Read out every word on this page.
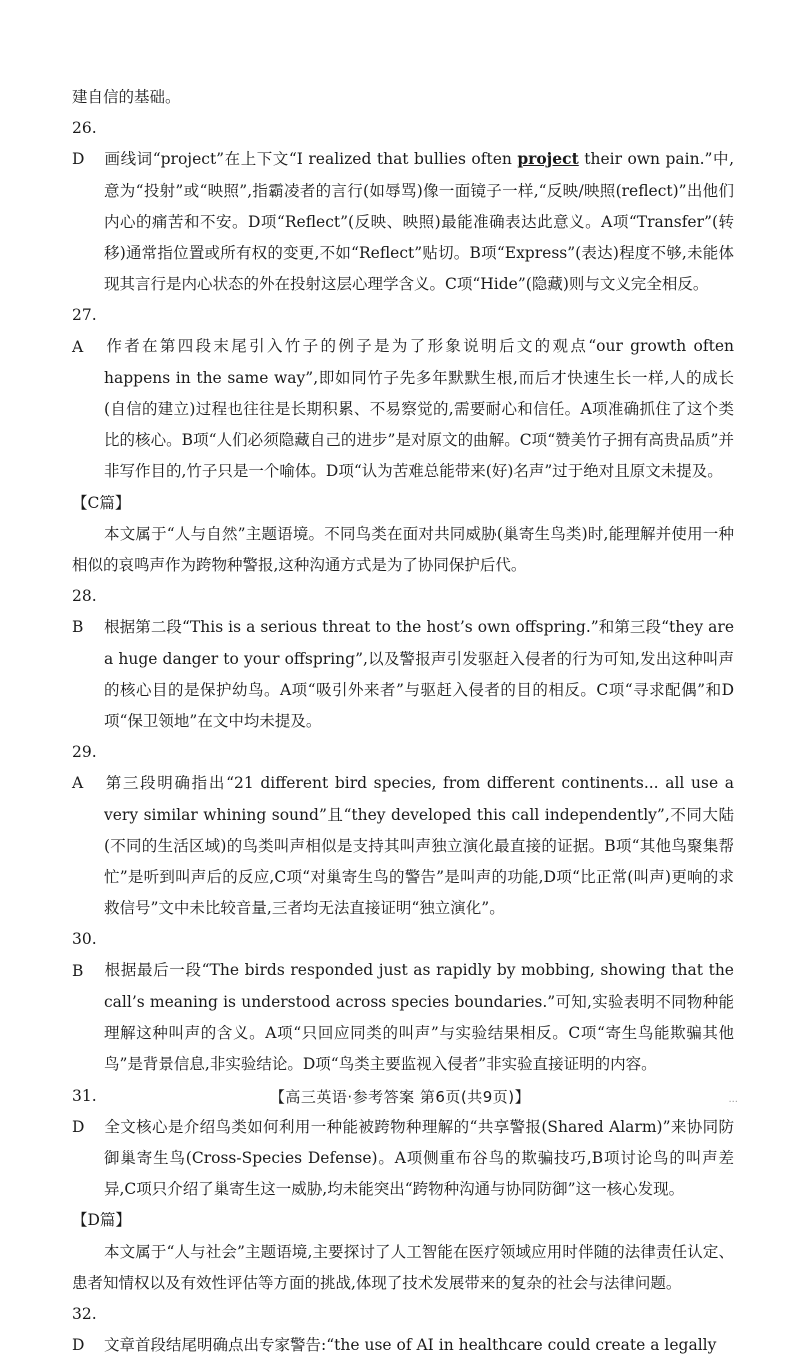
建自信的基础。

26. D 画线词“project”在上下文“I realized that bullies often project their own pain.”中,意为“投射”或“映照”,指霸凌者的言行(如辱骂)像一面镜子一样,“反映/映照(reflect)”出他们内心的痛苦和不安。D项“Reflect”(反映、映照)最能准确表达此意义。A项“Transfer”(转移)通常指位置或所有权的变更,不如“Reflect”贴切。B项“Express”(表达)程度不够,未能体现其言行是内心状态的外在投射这层心理学含义。C项“Hide”(隐藏)则与文义完全相反。

27. A 作者在第四段末尾引入竹子的例子是为了形象说明后文的观点“our growth often happens in the same way”,即如同竹子先多年默默生根,而后才快速生长一样,人的成长(自信的建立)过程也往往是长期积累、不易察觉的,需要耐心和信任。A项准确抓住了这个类比的核心。B项“人们必须隐藏自己的进步”是对原文的曲解。C项“赞美竹子拥有高贵品质”并非写作目的,竹子只是一个喻体。D项“认为苦难总能带来(好)名声”过于绝对且原文未提及。

【C篇】

本文属于“人与自然”主题语境。不同鸟类在面对共同威胁(巢寄生鸟类)时,能理解并使用一种相似的哀鸣声作为跨物种警报,这种沟通方式是为了协同保护后代。

28. B 根据第二段“This is a serious threat to the host’s own offspring.”和第三段“they are a huge danger to your offspring”,以及警报声引发驱赶入侵者的行为可知,发出这种叫声的核心目的是保护幼鸟。A项“吸引外来者”与驱赶入侵者的目的相反。C项“寻求配偶”和D项“保卫领地”在文中均未提及。

29. A 第三段明确指出“21 different bird species, from different continents... all use a very similar whining sound”且“they developed this call independently”,不同大陆(不同的生活区域)的鸟类叫声相似是支持其叫声独立演化最直接的证据。B项“其他鸟聚集帮忙”是听到叫声后的反应,C项“对巢寄生鸟的警告”是叫声的功能,D项“比正常(叫声)更响的求救信号”文中未比较音量,三者均无法直接证明“独立演化”。

30. B 根据最后一段“The birds responded just as rapidly by mobbing, showing that the call’s meaning is understood across species boundaries.”可知,实验表明不同物种能理解这种叫声的含义。A项“只回应同类的叫声”与实验结果相反。C项“寄生鸟能欺骗其他鸟”是背景信息,非实验结论。D项“鸟类主要监视入侵者”非实验直接证明的内容。

31. D 全文核心是介绍鸟类如何利用一种能被跨物种理解的“共享警报(Shared Alarm)”来协同防御巢寄生鸟(Cross-Species Defense)。A项侧重布谷鸟的欺骗技巧,B项讨论鸟的叫声差异,C项只介绍了巢寄生这一威胁,均未能突出“跨物种沟通与协同防御”这一核心发现。

【D篇】

本文属于“人与社会”主题语境,主要探讨了人工智能在医疗领域应用时伴随的法律责任认定、患者知情权以及有效性评估等方面的挑战,体现了技术发展带来的复杂的社会与法律问题。

32. D 文章首段结尾明确点出专家警告:“the use of AI in healthcare could create a legally

【高三英语·参考答案 第6页(共9页)】	...
